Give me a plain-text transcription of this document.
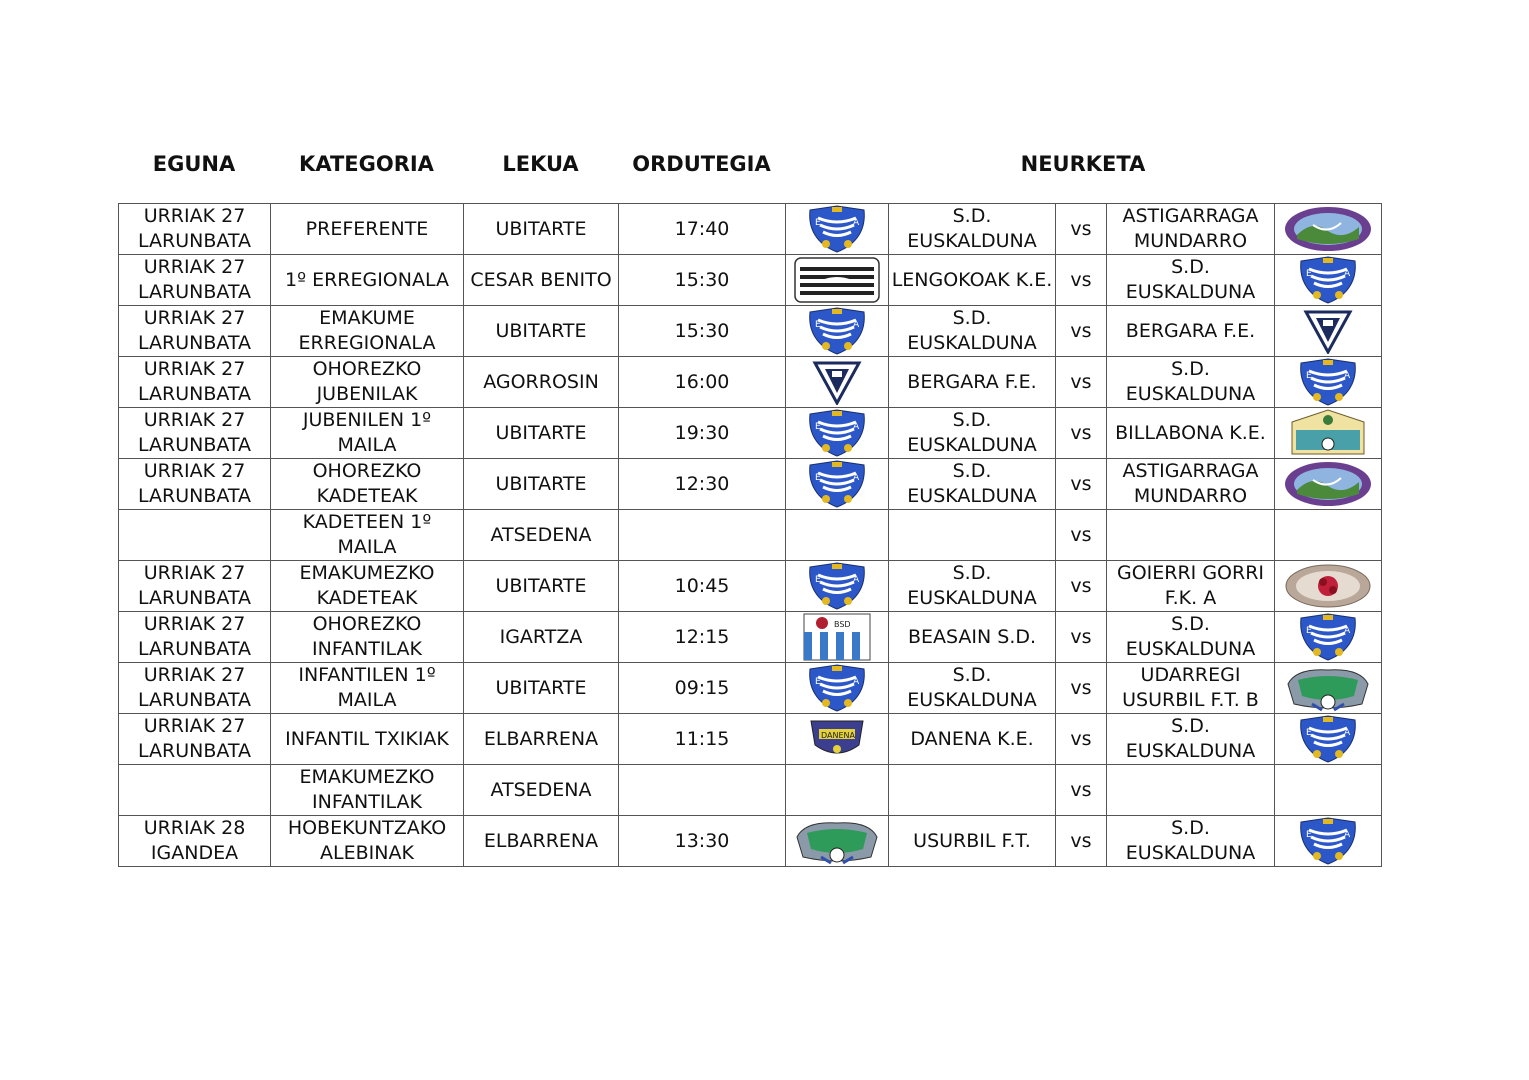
EGUNA	KATEGORIA	LEKUA	ORDUTEGIA	NEURKETA
URRIAK 27
LARUNBATA	PREFERENTE	UBITARTE	17:40	E A	S.D. EUSKALDUNA	vs	ASTIGARRAGA MUNDARRO

URRIAK 27
LARUNBATA	1º ERREGIONALA	CESAR BENITO	15:30		LENGOKOAK K.E.	vs	S.D. EUSKALDUNA	E A

URRIAK 27
LARUNBATA	EMAKUME ERREGIONALA	UBITARTE	15:30	E A	S.D. EUSKALDUNA	vs	BERGARA F.E.

URRIAK 27
LARUNBATA	OHOREZKO JUBENILAK	AGORROSIN	16:00		BERGARA F.E.	vs	S.D. EUSKALDUNA	E A

URRIAK 27
LARUNBATA	JUBENILEN 1º MAILA	UBITARTE	19:30	E A	S.D. EUSKALDUNA	vs	BILLABONA K.E.

URRIAK 27
LARUNBATA	OHOREZKO KADETEAK	UBITARTE	12:30	E A	S.D. EUSKALDUNA	vs	ASTIGARRAGA MUNDARRO

	KADETEEN 1º MAILA	ATSEDENA				vs		

URRIAK 27
LARUNBATA	EMAKUMEZKO KADETEAK	UBITARTE	10:45	E A	S.D. EUSKALDUNA	vs	GOIERRI GORRI F.K. A

URRIAK 27
LARUNBATA	OHOREZKO INFANTILAK	IGARTZA	12:15	BSD	BEASAIN S.D.	vs	S.D. EUSKALDUNA	E A

URRIAK 27
LARUNBATA	INFANTILEN 1º MAILA	UBITARTE	09:15	E A	S.D. EUSKALDUNA	vs	UDARREGI USURBIL F.T. B

URRIAK 27
LARUNBATA	INFANTIL TXIKIAK	ELBARRENA	11:15	DANENA	DANENA K.E.	vs	S.D. EUSKALDUNA	E A

	EMAKUMEZKO INFANTILAK	ATSEDENA				vs		

URRIAK 28
IGANDEA	HOBEKUNTZAKO ALEBINAK	ELBARRENA	13:30		USURBIL F.T.	vs	S.D. EUSKALDUNA	E A
